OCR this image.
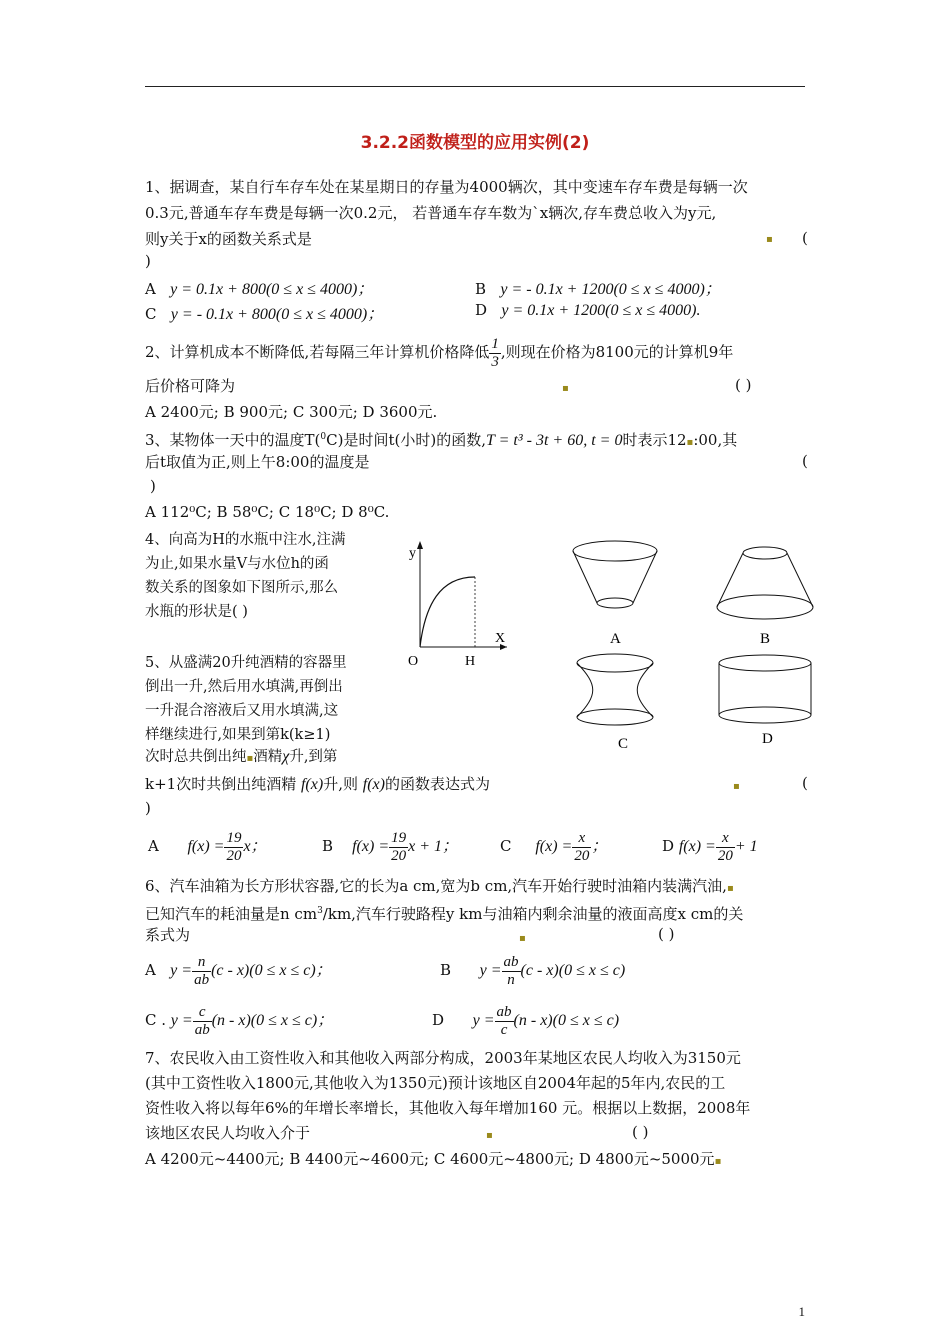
3.2.2函数模型的应用实例(2)
1、据调查，某自行车存车处在某星期日的存量为4000辆次，其中变速车存车费是每辆一次
0.3元,普通车存车费是每辆一次0.2元， 若普通车存车数为`x辆次,存车费总收入为y元,
则y关于x的函数关系式是	▪ (
)
A y = 0.1x + 800(0 ≤ x ≤ 4000)；	B y = - 0.1x + 1200(0 ≤ x ≤ 4000)；
C y = - 0.1x + 800(0 ≤ x ≤ 4000)；	D y = 0.1x + 1200(0 ≤ x ≤ 4000).
2、计算机成本不断降低,若每隔三年计算机价格降低 $\frac{1}{3}$ ,则现在价格为8100元的计算机9年
后价格可降为	▪	( )
A 2400元; B 900元; C 300元; D 3600元.
3、某物体一天中的温度T($^0$C)是时间t(小时)的函数,T = t³ - 3t + 60, t = 0时表示12▪:00,其
后t取值为正,则上午8:00的温度是	(
)
A 112⁰C; B 58⁰C; C 18⁰C; D 8⁰C.
4、向高为H的水瓶中注水,注满
为止,如果水量V与水位h的函
数关系的图象如下图所示,那么
水瓶的形状是( )
y
X
O	H
A	B
C	D
5、从盛满20升纯酒精的容器里
倒出一升,然后用水填满,再倒出
一升混合溶液后又用水填满,这
样继续进行,如果到第k(k≥1)
次时总共倒出纯▪酒精χ升,到第
k+1次时共倒出纯酒精 f(x)升,则 f(x)的函数表达式为	▪	(
)
A $f(x) = \frac{19}{20}$ x；	B $f(x) = \frac{19}{20}$ x + 1；	C $f(x) = \frac{x}{20}$ ；	D $f(x) = \frac{x}{20} + 1$
6、汽车油箱为长方形状容器,它的长为a cm,宽为b cm,汽车开始行驶时油箱内装满汽油,▪
已知汽车的耗油量是n $cm^3/km$,汽车行驶路程y km与油箱内剩余油量的液面高度x cm的关
系式为	▪	( )
A $y = \frac{n}{ab} (c - x)(0 \le x \le c)$；	B $y = \frac{ab}{n} (c - x)(0 \le x \le c)$
C . $y = \frac{c}{ab} (n - x)(0 \le x \le c)$；	D $y = \frac{ab}{c} (n - x)(0 \le x \le c)$
7、农民收入由工资性收入和其他收入两部分构成，2003年某地区农民人均收入为3150元
(其中工资性收入1800元,其他收入为1350元)预计该地区自2004年起的5年内,农民的工
资性收入将以每年6%的年增长率增长，其他收入每年增加160 元。根据以上数据，2008年
该地区农民人均收入介于	▪	( )
A 4200元~4400元; B 4400元~4600元; C 4600元~4800元; D 4800元~5000元▪
1
